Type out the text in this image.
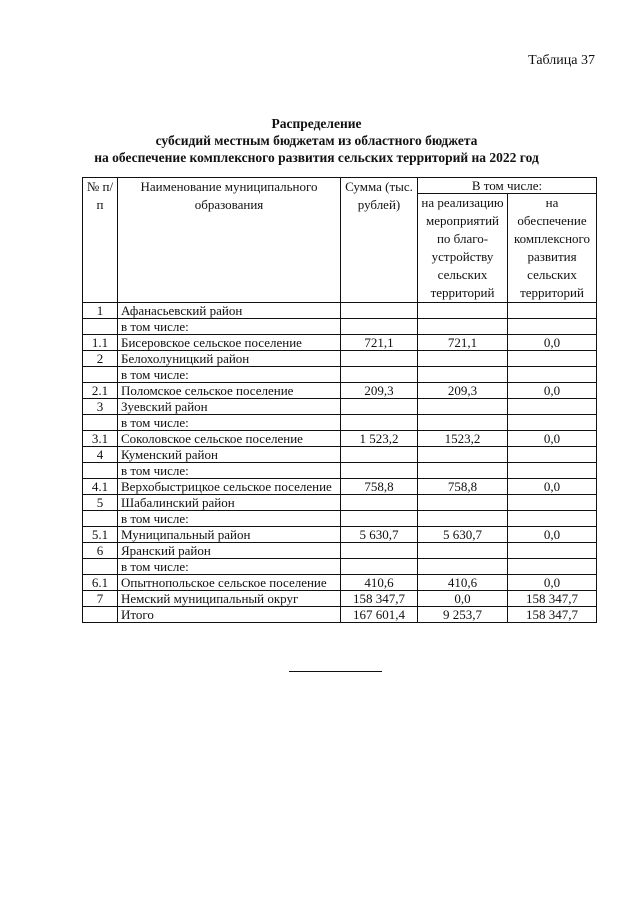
Таблица 37
Распределение
субсидий местным бюджетам из областного бюджета
на обеспечение комплексного развития сельских территорий на 2022 год
№ п/п	Наименование муниципального образования	Сумма (тыс. рублей)	В том числе:	
			на реализацию мероприятий по благо-устройству сельских территорий	на обеспечение комплексного развития сельских территорий
1	Афанасьевский район			
	в том числе:			
1.1	Бисеровское сельское поселение	721,1	721,1	0,0
2	Белохолуницкий район			
	в том числе:			
2.1	Поломское сельское поселение	209,3	209,3	0,0
3	Зуевский район			
	в том числе:			
3.1	Соколовское сельское поселение	1 523,2	1523,2	0,0
4	Куменский район			
	в том числе:			
4.1	Верхобыстрицкое сельское поселение	758,8	758,8	0,0
5	Шабалинский район			
	в том числе:			
5.1	Муниципальный район	5 630,7	5 630,7	0,0
6	Яранский район			
	в том числе:			
6.1	Опытнопольское сельское поселение	410,6	410,6	0,0
7	Немский муниципальный округ	158 347,7	0,0	158 347,7
	Итого	167 601,4	9 253,7	158 347,7
